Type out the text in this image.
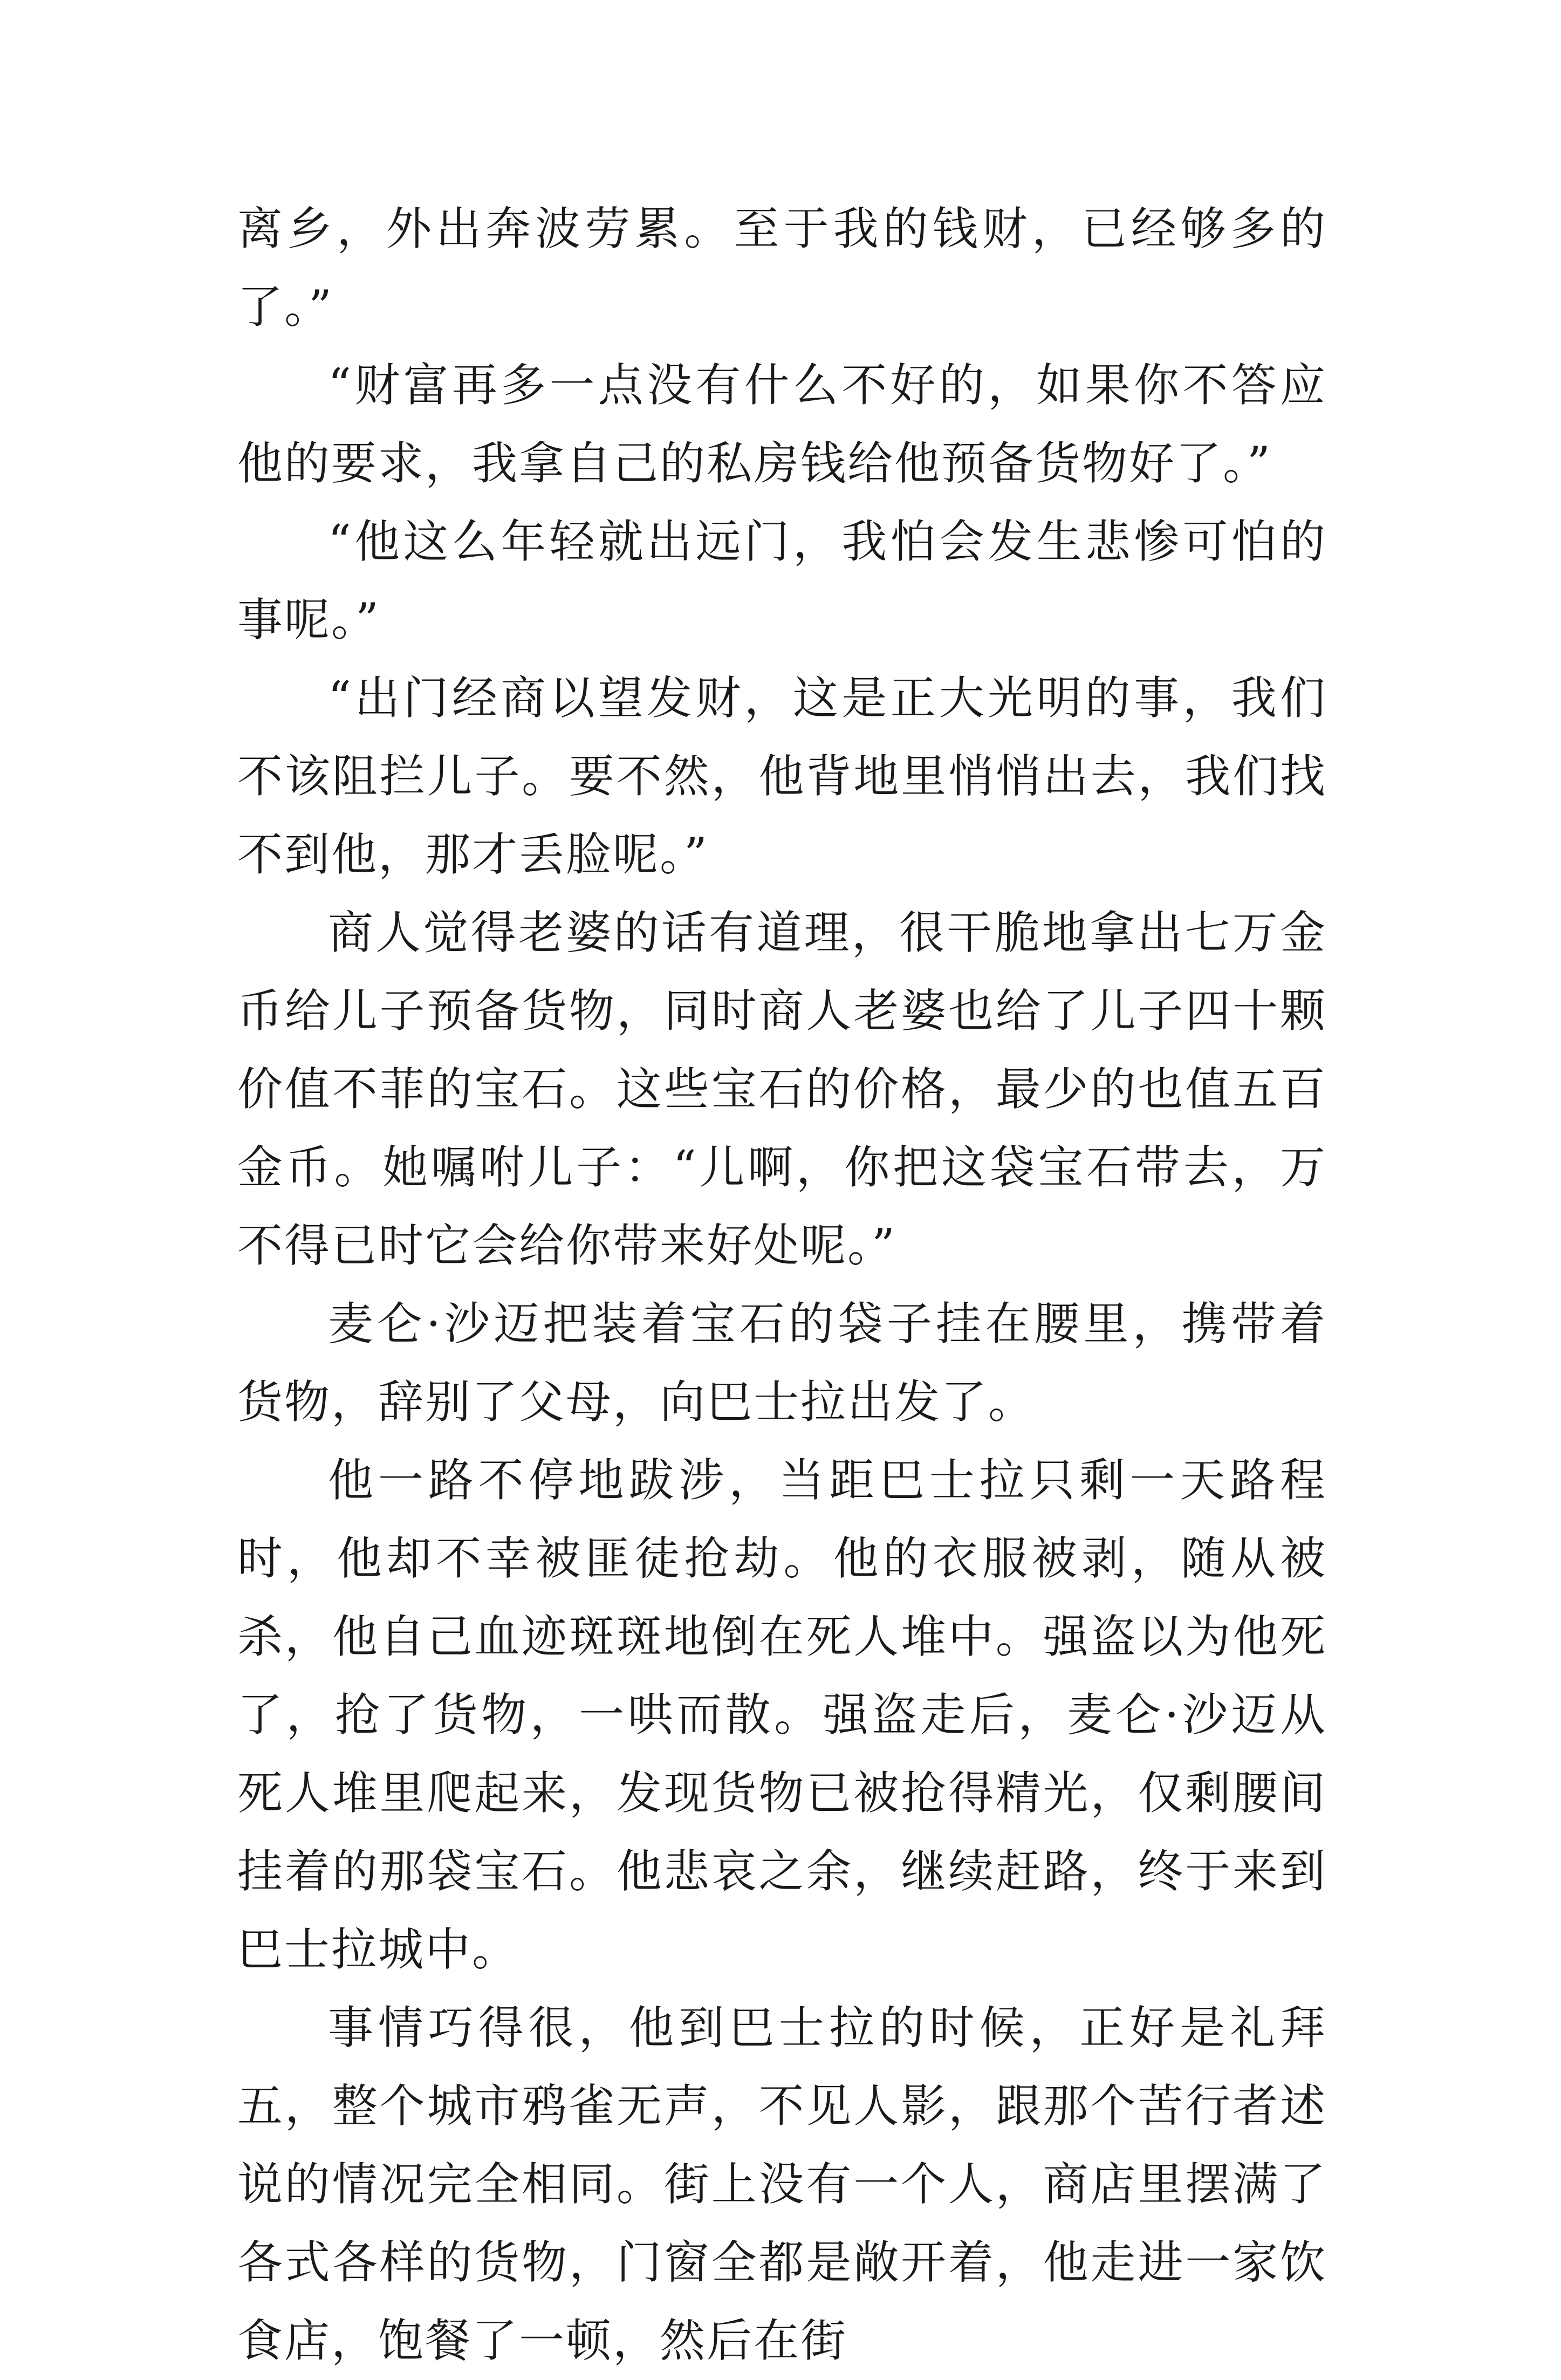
离乡，外出奔波劳累。至于我的钱财，已经够多的了。”

“财富再多一点没有什么不好的，如果你不答应他的要求，我拿自己的私房钱给他预备货物好了。”

“他这么年轻就出远门，我怕会发生悲惨可怕的事呢。”

“出门经商以望发财，这是正大光明的事，我们不该阻拦儿子。要不然，他背地里悄悄出去，我们找不到他，那才丢脸呢。”

商人觉得老婆的话有道理，很干脆地拿出七万金币给儿子预备货物，同时商人老婆也给了儿子四十颗价值不菲的宝石。这些宝石的价格，最少的也值五百金币。她嘱咐儿子：“儿啊，你把这袋宝石带去，万不得已时它会给你带来好处呢。”

麦仑·沙迈把装着宝石的袋子挂在腰里，携带着货物，辞别了父母，向巴士拉出发了。

他一路不停地跋涉，当距巴士拉只剩一天路程时，他却不幸被匪徒抢劫。他的衣服被剥，随从被杀，他自己血迹斑斑地倒在死人堆中。强盗以为他死了，抢了货物，一哄而散。强盗走后，麦仑·沙迈从死人堆里爬起来，发现货物已被抢得精光，仅剩腰间挂着的那袋宝石。他悲哀之余，继续赶路，终于来到巴士拉城中。

事情巧得很，他到巴士拉的时候，正好是礼拜五，整个城市鸦雀无声，不见人影，跟那个苦行者述说的情况完全相同。街上没有一个人，商店里摆满了各式各样的货物，门窗全都是敞开着，他走进一家饮食店，饱餐了一顿，然后在街
